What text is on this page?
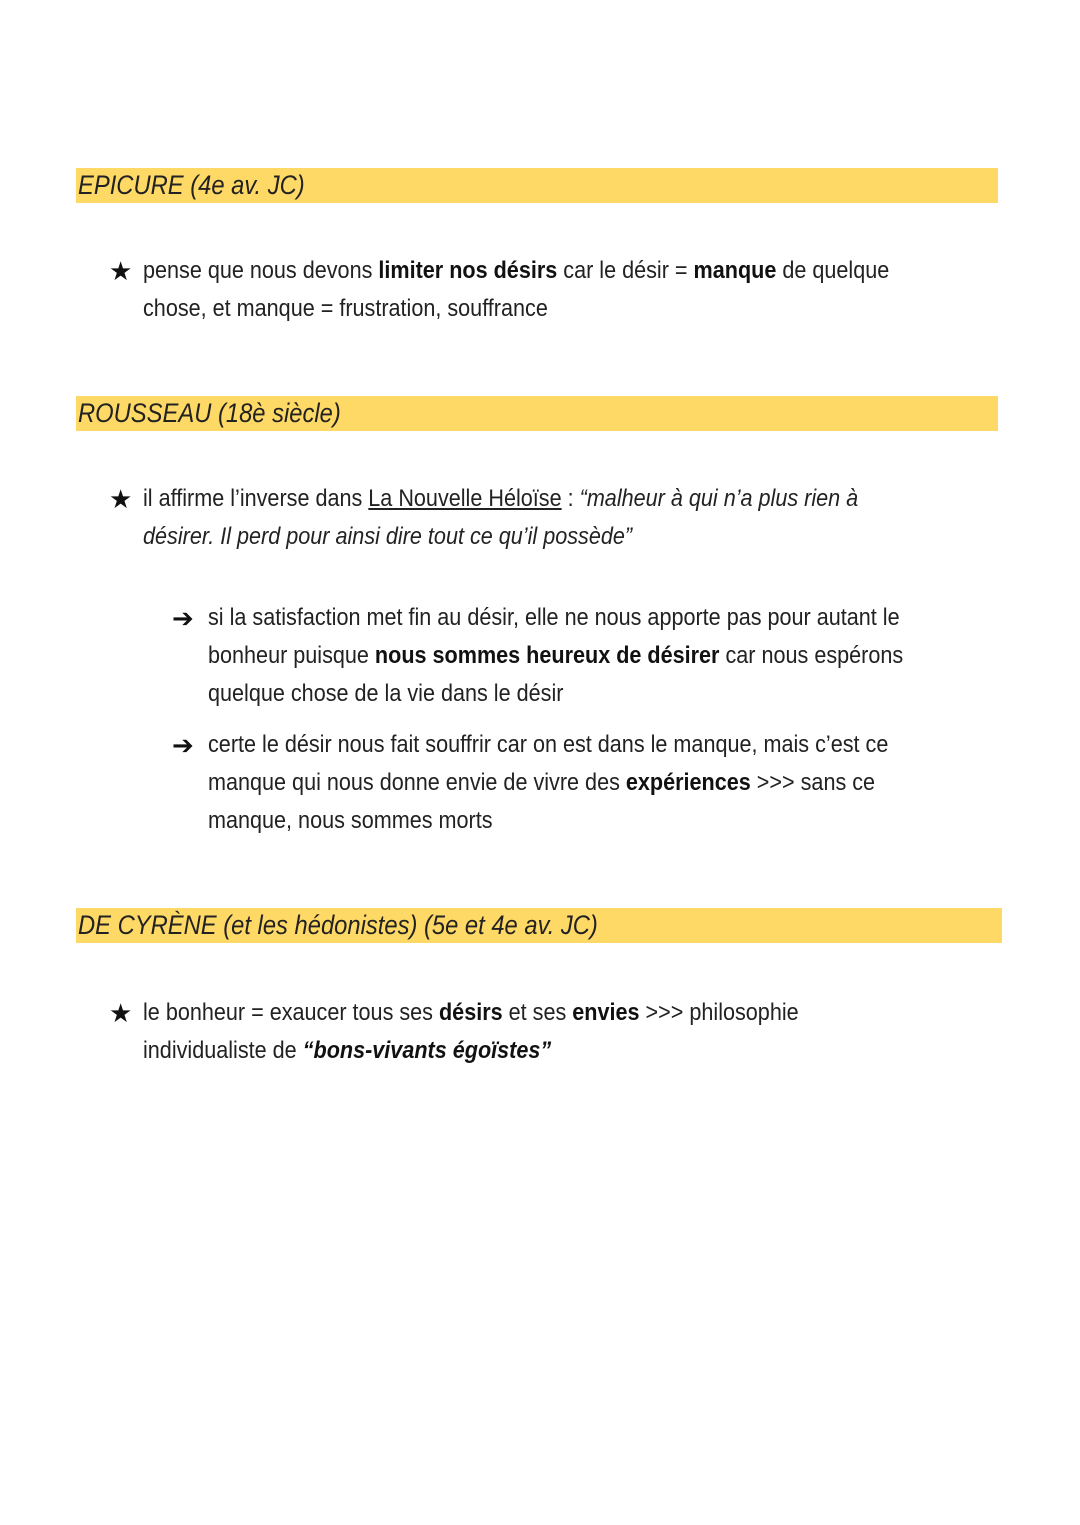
EPICURE (4e av. JC)
★ pense que nous devons limiter nos désirs car le désir = manque de quelque
chose, et manque = frustration, souffrance
ROUSSEAU (18è siècle)
★ il affirme l’inverse dans La Nouvelle Héloïse : “malheur à qui n’a plus rien à
désirer. Il perd pour ainsi dire tout ce qu’il possède”
➔ si la satisfaction met fin au désir, elle ne nous apporte pas pour autant le
bonheur puisque nous sommes heureux de désirer car nous espérons
quelque chose de la vie dans le désir
➔ certe le désir nous fait souffrir car on est dans le manque, mais c’est ce
manque qui nous donne envie de vivre des expériences >>> sans ce
manque, nous sommes morts
DE CYRÈNE (et les hédonistes) (5e et 4e av. JC)
★ le bonheur = exaucer tous ses désirs et ses envies >>> philosophie
individualiste de “bons-vivants égoïstes”
